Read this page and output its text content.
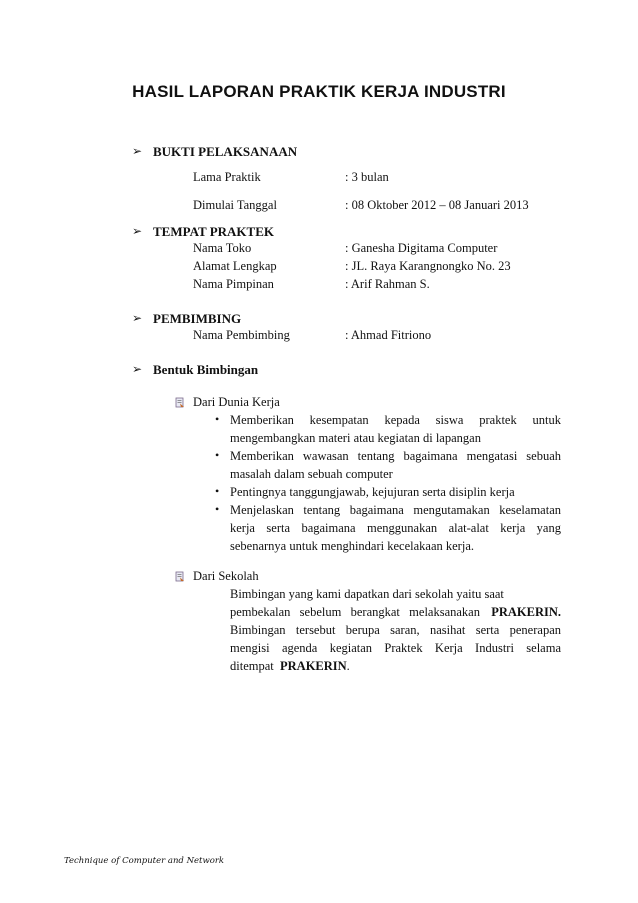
HASIL LAPORAN PRAKTIK KERJA INDUSTRI
➢ BUKTI PELAKSANAAN
Lama Praktik	: 3 bulan
Dimulai Tanggal	: 08 Oktober 2012 – 08 Januari 2013
➢ TEMPAT PRAKTEK
Nama Toko	: Ganesha Digitama Computer
Alamat Lengkap	: JL. Raya Karangnongko No. 23
Nama Pimpinan	: Arif Rahman S.
➢ PEMBIMBING
Nama Pembimbing	: Ahmad Fitriono
➢ Bentuk Bimbingan
Dari Dunia Kerja
• Memberikan kesempatan kepada siswa praktek untuk
mengembangkan materi atau kegiatan di lapangan
• Memberikan wawasan tentang bagaimana mengatasi sebuah
masalah dalam sebuah computer
• Pentingnya tanggungjawab, kejujuran serta disiplin kerja
• Menjelaskan tentang bagaimana mengutamakan keselamatan
kerja serta bagaimana menggunakan alat-alat kerja yang
sebenarnya untuk menghindari kecelakaan kerja.
Dari Sekolah
Bimbingan yang kami dapatkan dari sekolah yaitu saat
pembekalan sebelum berangkat melaksanakan PRAKERIN.
Bimbingan tersebut berupa saran, nasihat serta penerapan
mengisi agenda kegiatan Praktek Kerja Industri selama
ditempat PRAKERIN.
Technique of Computer and Network
